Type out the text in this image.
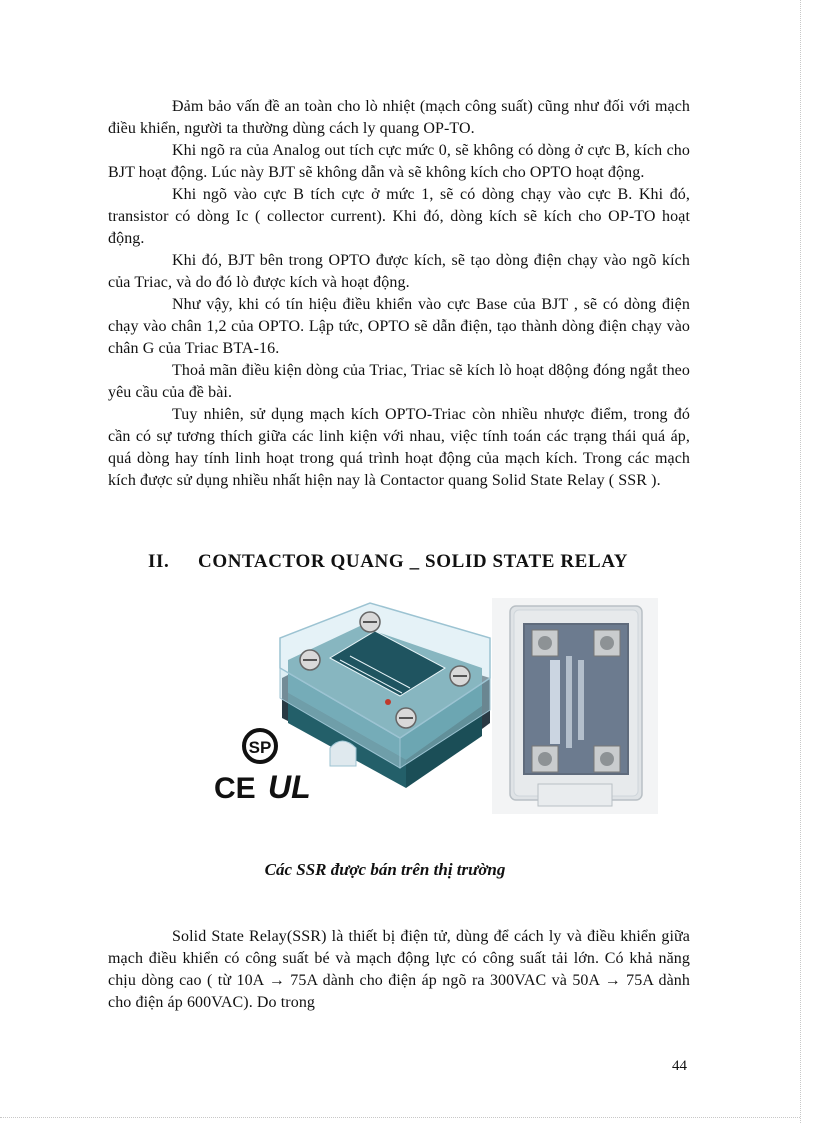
Đảm bảo vấn đề an toàn cho lò nhiệt (mạch công suất) cũng như đối với mạch điều khiển, người ta thường dùng cách ly quang OP-TO.

Khi ngõ ra của Analog out tích cực mức 0, sẽ không có dòng ở cực B, kích cho BJT hoạt động. Lúc này BJT sẽ không dẫn và sẽ không kích cho OPTO hoạt động.

Khi ngõ vào cực B tích cực ở mức 1, sẽ có dòng chạy vào cực B. Khi đó, transistor có dòng Ic ( collector current). Khi đó, dòng kích sẽ kích cho OP-TO hoạt động.

Khi đó, BJT bên trong OPTO được kích, sẽ tạo dòng điện chạy vào ngõ kích của Triac, và do đó lò được kích và hoạt động.

Như vậy, khi có tín hiệu điều khiển vào cực Base của BJT , sẽ có dòng điện chạy vào chân 1,2 của OPTO. Lập tức, OPTO sẽ dẫn điện, tạo thành dòng điện chạy vào chân G của Triac BTA-16.

Thoả mãn điều kiện dòng của Triac, Triac sẽ kích lò hoạt d8ộng đóng ngắt theo yêu cầu của đề bài.

Tuy nhiên, sử dụng mạch kích OPTO-Triac còn nhiều nhược điểm, trong đó cần có sự tương thích giữa các linh kiện với nhau, việc tính toán các trạng thái quá áp, quá dòng hay tính linh hoạt trong quá trình hoạt động của mạch kích. Trong các mạch kích được sử dụng nhiều nhất hiện nay là Contactor quang Solid State Relay ( SSR ).

II. CONTACTOR QUANG _ SOLID STATE RELAY
SP
CE UL
Các SSR được bán trên thị trường

Solid State Relay(SSR) là thiết bị điện tử, dùng để cách ly và điều khiển giữa mạch điều khiển có công suất bé và mạch động lực có công suất tải lớn. Có khả năng chịu dòng cao ( từ 10A → 75A dành cho điện áp ngõ ra 300VAC và 50A → 75A dành cho điện áp 600VAC). Do trong

44
